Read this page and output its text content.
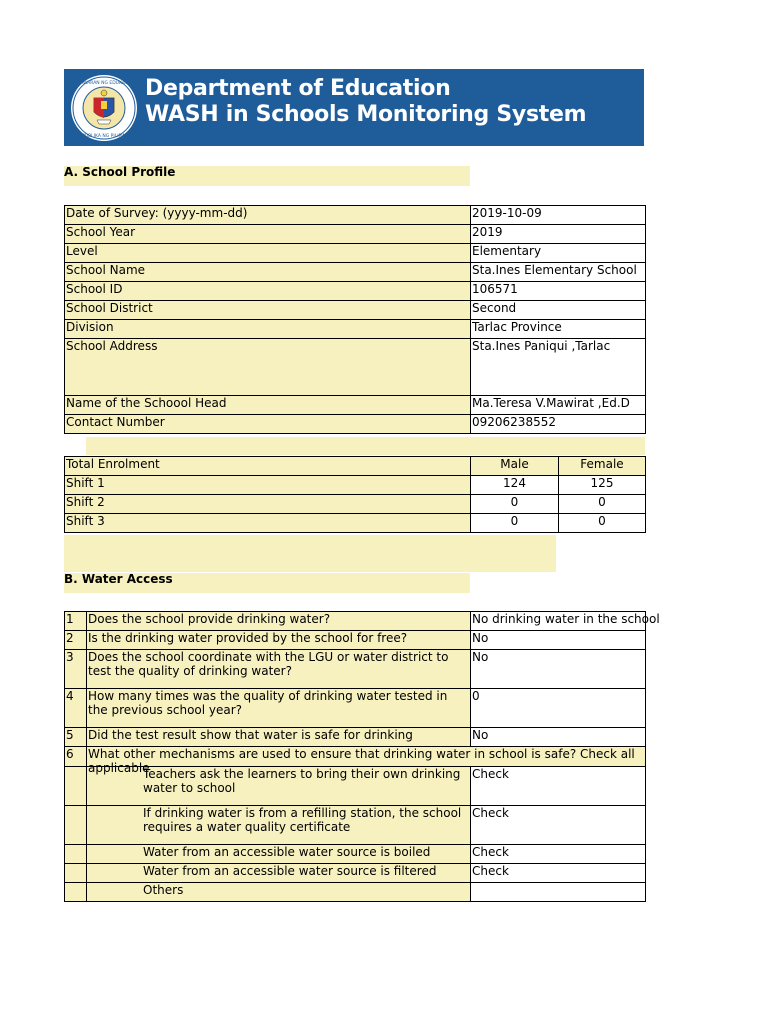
KAGAWARAN NG EDUKASYON
REPUBLIKA NG PILIPINAS
Department of Education
WASH in Schools Monitoring System
A. School Profile
Date of Survey: (yyyy-mm-dd)	2019-10-09
School Year	2019
Level	Elementary
School Name	Sta.Ines Elementary School
School ID	106571
School District	Second
Division	Tarlac Province
School Address	Sta.Ines Paniqui ,Tarlac
Name of the Schoool Head	Ma.Teresa V.Mawirat ,Ed.D
Contact Number	09206238552
Total Enrolment	Male	Female
Shift 1	124	125
Shift 2	0	0
Shift 3	0	0
B. Water Access
1	Does the school provide drinking water?	No drinking water in the school
2	Is the drinking water provided by the school for free?	No
3	Does the school coordinate with the LGU or water district to test the quality of drinking water?	No
4	How many times was the quality of drinking water tested in the previous school year?	0
5	Did the test result show that water is safe for drinking	No
6	What other mechanisms are used to ensure that drinking water in school is safe? Check all applicable	

	Teachers ask the learners to bring their own drinking water to school	Check
	If drinking water is from a refilling station, the school requires a water quality certificate	Check
	Water from an accessible water source is boiled	Check
	Water from an accessible water source is filtered	Check
	Others	
